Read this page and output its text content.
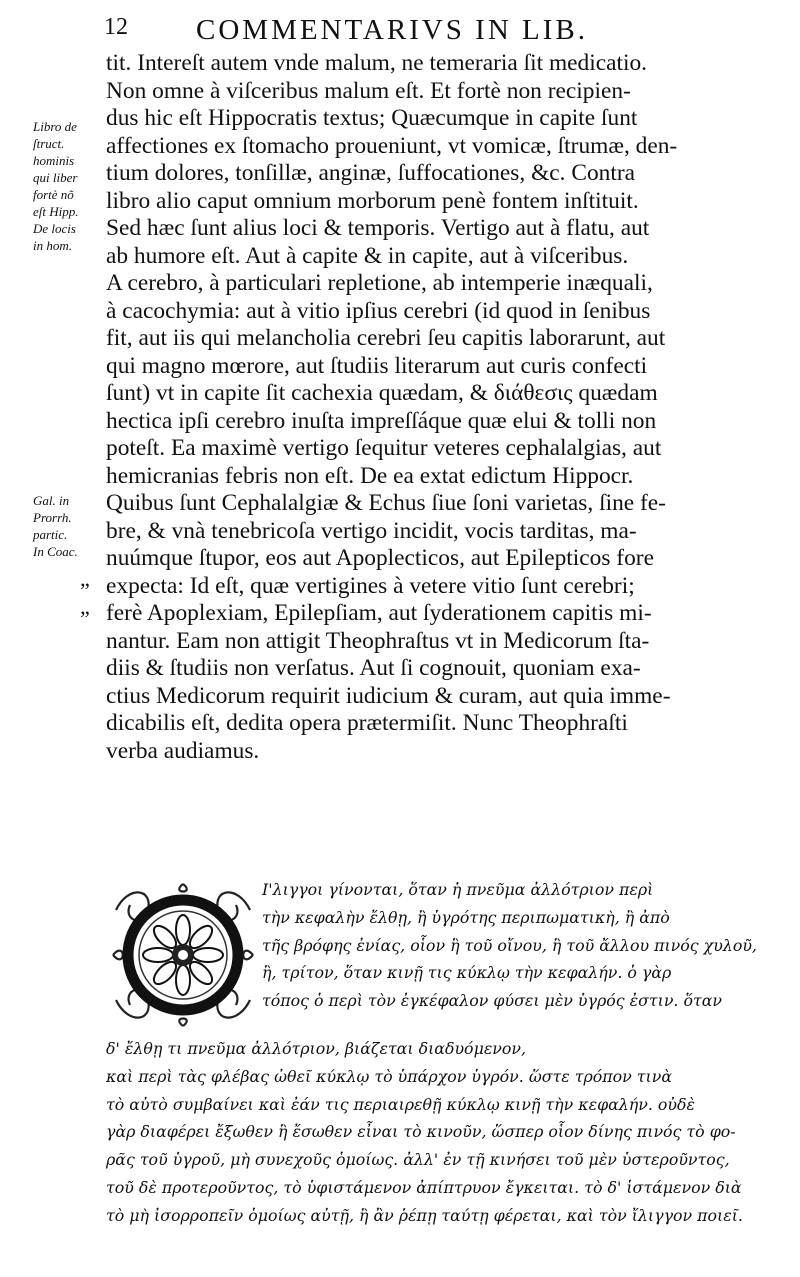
12 COMMENTARIVS IN LIB.
tit. Intereſt autem vnde malum, ne temeraria ſit medicatio.
Non omne à viſceribus malum eſt. Et fortè non recipien-
dus hic eſt Hippocratis textus; Quæcumque in capite ſunt
affectiones ex ſtomacho proueniunt, vt vomicæ, ſtrumæ, den-
tium dolores, tonſillæ, anginæ, ſuffocationes, &c. Contra
libro alio caput omnium morborum penè fontem inſtituit.
Sed hæc ſunt alius loci & temporis. Vertigo aut à flatu, aut
ab humore eſt. Aut à capite & in capite, aut à viſceribus.
A cerebro, à particulari repletione, ab intemperie inæquali,
à cacochymia: aut à vitio ipſius cerebri (id quod in ſenibus
fit, aut iis qui melancholia cerebri ſeu capitis laborarunt, aut
qui magno mœrore, aut ſtudiis literarum aut curis confecti
ſunt) vt in capite ſit cachexia quædam, & διάθεσις quædam
hectica ipſi cerebro inuſta impreſſáque quæ elui & tolli non
poteſt. Ea maximè vertigo ſequitur veteres cephalalgias, aut
hemicranias febris non eſt. De ea extat edictum Hippocr.
Quibus ſunt Cephalalgiæ & Echus ſiue ſoni varietas, ſine fe-
bre, & vnà tenebricoſa vertigo incidit, vocis tarditas, ma-
nuúmque ſtupor, eos aut Apoplecticos, aut Epilepticos fore
expecta: Id eſt, quæ vertigines à vetere vitio ſunt cerebri;
ferè Apoplexiam, Epilepſiam, aut ſyderationem capitis mi-
nantur. Eam non attigit Theophraſtus vt in Medicorum ſta-
diis & ſtudiis non verſatus. Aut ſi cognouit, quoniam exa-
ctius Medicorum requirit iudicium & curam, aut quia imme-
dicabilis eſt, dedita opera prætermiſit. Nunc Theophraſti
verba audiamus.
Libro de
ſtruct.
hominis
qui liber
fortè nõ
eſt Hipp.
De locis
in hom.
Gal. in
Prorrh.
partic.
In Coac.
”
”
Ι'λιγγοι γίνονται, ὅταν ἡ πνεῦμα ἀλλότριον περὶ
τὴν κεφαλὴν ἔλθῃ, ἢ ὑγρότης περιπωματικὴ, ἢ ἀπὸ
τῆς βρόφης ἐνίας, οἷον ἢ τοῦ οἴνου, ἢ τοῦ ἄλλου πινός χυλοῦ,
ἢ, τρίτον, ὅταν κινῇ τις κύκλῳ τὴν κεφαλήν. ὁ γὰρ
τόπος ὁ περὶ τὸν ἐγκέφαλον φύσει μὲν ὑγρός ἐστιν. ὅταν
δ' ἔλθῃ τι πνεῦμα ἀλλότριον, βιάζεται διαδυόμενον,
καὶ περὶ τὰς φλέβας ὠθεῖ κύκλῳ τὸ ὑπάρχον ὑγρόν. ὥστε τρόπον τινὰ
τὸ αὐτὸ συμβαίνει καὶ ἐάν τις περιαιρεθῇ κύκλῳ κινῇ τὴν κεφαλήν. οὐδὲ
γὰρ διαφέρει ἔξωθεν ἢ ἔσωθεν εἶναι τὸ κινοῦν, ὥσπερ οἷον δίνης πινός τὸ φο-
ρᾶς τοῦ ὑγροῦ, μὴ συνεχοῦς ὁμοίως. ἀλλ' ἐν τῇ κινήσει τοῦ μὲν ὑστεροῦντος,
τοῦ δὲ προτεροῦντος, τὸ ὑφιστάμενον ἀπίπτρυον ἔγκειται. τὸ δ' ἱστάμενον διὰ
τὸ μὴ ἰσορροπεῖν ὁμοίως αὐτῇ, ἢ ἂν ῥέπῃ ταύτῃ φέρεται, καὶ τὸν ἴλιγγον ποιεῖ.
